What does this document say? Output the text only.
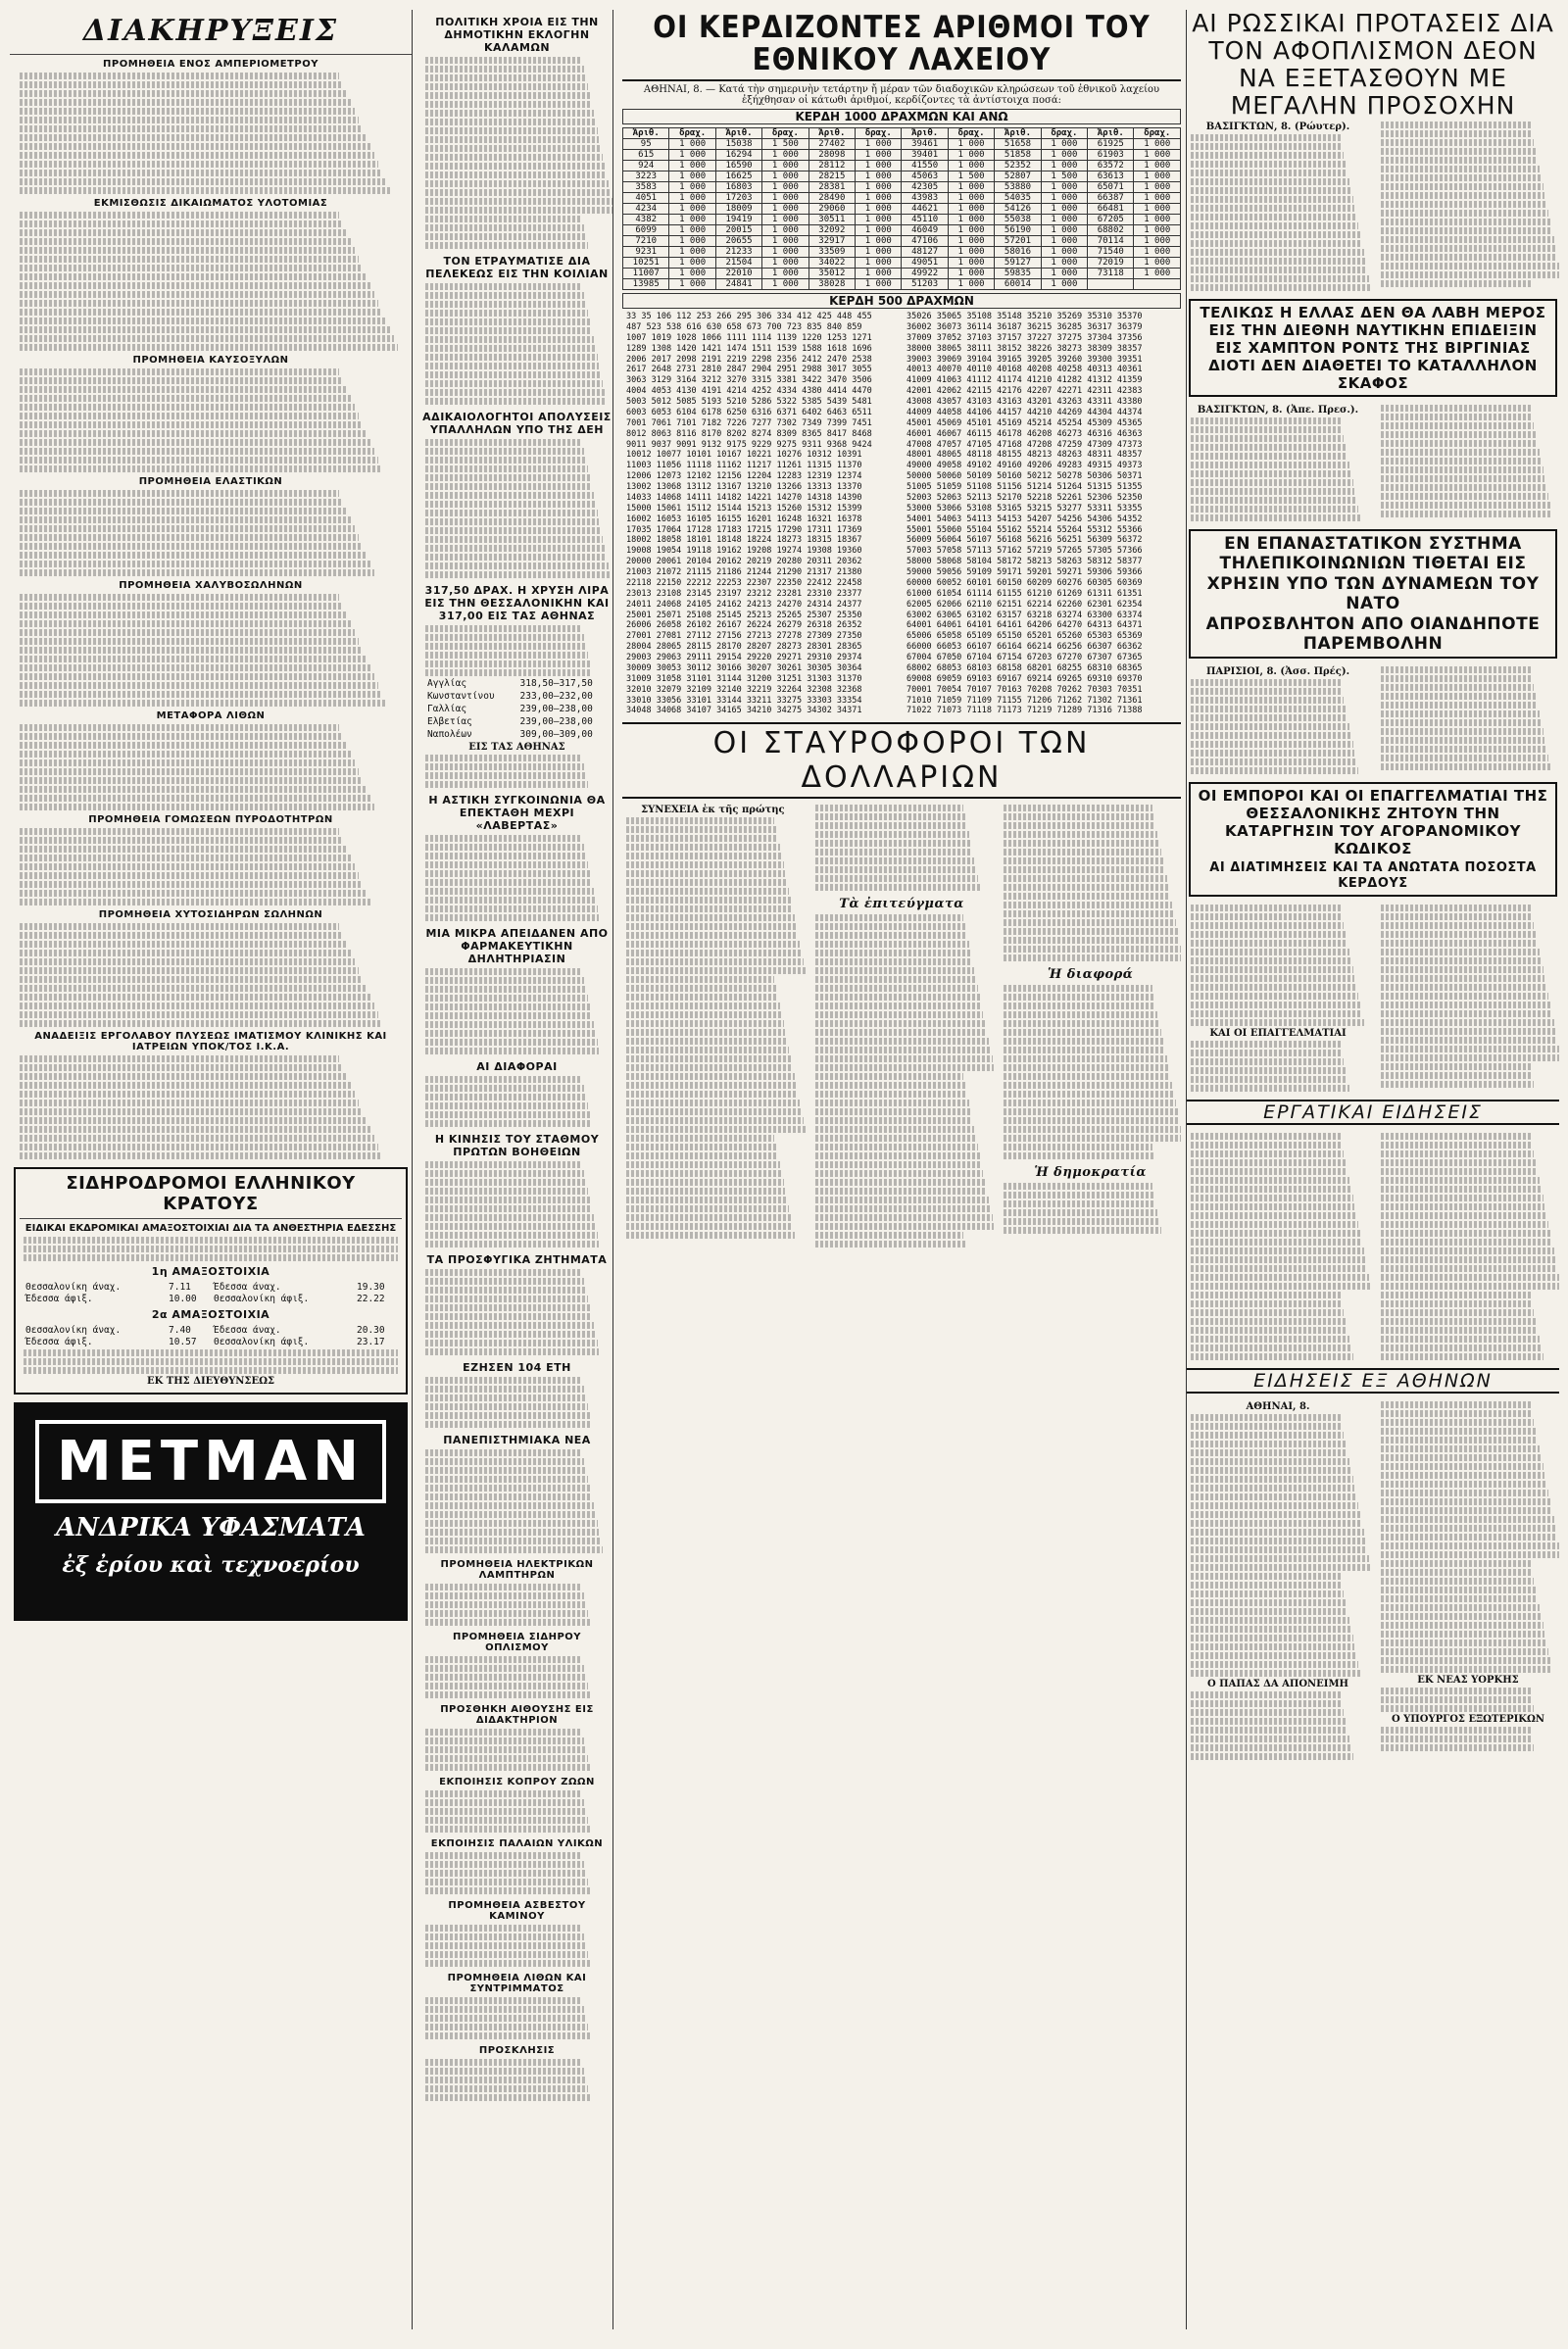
ΔΙΑΚΗΡΥΞΕΙΣ
ΠΡΟΜΗΘΕΙΑ ΕΝΟΣ ΑΜΠΕΡΙΟΜΕΤΡΟΥ
ΕΚΜΙΣΘΩΣΙΣ ΔΙΚΑΙΩΜΑΤΟΣ ΥΛΟΤΟΜΙΑΣ
ΠΡΟΜΗΘΕΙΑ ΚΑΥΣΟΞΥΛΩΝ
ΠΡΟΜΗΘΕΙΑ ΕΛΑΣΤΙΚΩΝ
ΠΡΟΜΗΘΕΙΑ ΧΑΛΥΒΟΣΩΛΗΝΩΝ
ΜΕΤΑΦΟΡΑ ΛΙΘΩΝ
ΠΡΟΜΗΘΕΙΑ ΓΟΜΩΣΕΩΝ ΠΥΡΟΔΟΤΗΤΡΩΝ
ΠΡΟΜΗΘΕΙΑ ΧΥΤΟΣΙΔΗΡΩΝ ΣΩΛΗΝΩΝ
ΑΝΑΔΕΙΞΙΣ ΕΡΓΟΛΑΒΟΥ ΠΛΥΣΕΩΣ ΙΜΑΤΙΣΜΟΥ ΚΛΙΝΙΚΗΣ ΚΑΙ ΙΑΤΡΕΙΩΝ ΥΠΟΚ/ΤΟΣ Ι.Κ.Α.
ΣΙΔΗΡΟΔΡΟΜΟΙ ΕΛΛΗΝΙΚΟΥ ΚΡΑΤΟΥΣ
ΕΙΔΙΚΑΙ ΕΚΔΡΟΜΙΚΑΙ ΑΜΑΞΟΣΤΟΙΧΙΑΙ ΔΙΑ ΤΑ ΑΝΘΕΣΤΗΡΙΑ ΕΔΕΣΣΗΣ
1η ΑΜΑΞΟΣΤΟΙΧΙΑ
Θεσσαλονίκη άναχ.	7.11	Έδεσσα άναχ.	19.30
Έδεσσα άφιξ.	10.00	Θεσσαλονίκη άφιξ.	22.22
2α ΑΜΑΞΟΣΤΟΙΧΙΑ
Θεσσαλονίκη άναχ.	7.40	Έδεσσα άναχ.	20.30
Έδεσσα άφιξ.	10.57	Θεσσαλονίκη άφιξ.	23.17
ΕΚ ΤΗΣ ΔΙΕΥΘΥΝΣΕΩΣ
METMAN
ΑΝΔΡΙΚΑ ΥΦΑΣΜΑΤΑ
ἐξ ἐρίου καὶ τεχνοερίου
ΠΟΛΙΤΙΚΗ ΧΡΟΙΑ ΕΙΣ ΤΗΝ ΔΗΜΟΤΙΚΗΝ ΕΚΛΟΓΗΝ ΚΑΛΑΜΩΝ
ΤΟΝ ΕΤΡΑΥΜΑΤΙΣΕ ΔΙΑ ΠΕΛΕΚΕΩΣ ΕΙΣ ΤΗΝ ΚΟΙΛΙΑΝ
ΑΔΙΚΑΙΟΛΟΓΗΤΟΙ ΑΠΟΛΥΣΕΙΣ ΥΠΑΛΛΗΛΩΝ ΥΠΟ ΤΗΣ ΔΕΗ
317,50 ΔΡΑΧ. Η ΧΡΥΣΗ ΛΙΡΑ ΕΙΣ ΤΗΝ ΘΕΣΣΑΛΟΝΙΚΗΝ ΚΑΙ 317,00 ΕΙΣ ΤΑΣ ΑΘΗΝΑΣ
Αγγλίας	318,50—317,50
Κωνσταντίνου	233,00—232,00
Γαλλίας	239,00—238,00
Ελβετίας	239,00—238,00
Ναπολέων	309,00—309,00
ΕΙΣ ΤΑΣ ΑΘΗΝΑΣ
Η ΑΣΤΙΚΗ ΣΥΓΚΟΙΝΩΝΙΑ ΘΑ ΕΠΕΚΤΑΘΗ ΜΕΧΡΙ «ΛΑΒΕΡΤΑΣ»
ΜΙΑ ΜΙΚΡΑ ΑΠΕΙΔΑΝΕΝ ΑΠΟ ΦΑΡΜΑΚΕΥΤΙΚΗΝ ΔΗΛΗΤΗΡΙΑΣΙΝ
ΑΙ ΔΙΑΦΟΡΑΙ
Η ΚΙΝΗΣΙΣ ΤΟΥ ΣΤΑΘΜΟΥ ΠΡΩΤΩΝ ΒΟΗΘΕΙΩΝ
ΤΑ ΠΡΟΣΦΥΓΙΚΑ ΖΗΤΗΜΑΤΑ
ΕΖΗΣΕΝ 104 ΕΤΗ
ΠΑΝΕΠΙΣΤΗΜΙΑΚΑ ΝΕΑ
ΠΡΟΜΗΘΕΙΑ ΗΛΕΚΤΡΙΚΩΝ ΛΑΜΠΤΗΡΩΝ
ΠΡΟΜΗΘΕΙΑ ΣΙΔΗΡΟΥ ΟΠΛΙΣΜΟΥ
ΠΡΟΣΘΗΚΗ ΑΙΘΟΥΣΗΣ ΕΙΣ ΔΙΔΑΚΤΗΡΙΟΝ
ΕΚΠΟΙΗΣΙΣ ΚΟΠΡΟΥ ΖΩΩΝ
ΕΚΠΟΙΗΣΙΣ ΠΑΛΑΙΩΝ ΥΛΙΚΩΝ
ΠΡΟΜΗΘΕΙΑ ΑΣΒΕΣΤΟΥ ΚΑΜΙΝΟΥ
ΠΡΟΜΗΘΕΙΑ ΛΙΘΩΝ ΚΑΙ ΣΥΝΤΡΙΜΜΑΤΟΣ
ΠΡΟΣΚΛΗΣΙΣ
ΟΙ ΚΕΡΔΙΖΟΝΤΕΣ ΑΡΙΘΜΟΙ ΤΟΥ ΕΘΝΙΚΟΥ ΛΑΧΕΙΟΥ
ΑΘΗΝΑΙ, 8. — Κατά τὴν σημερινὴν τετάρτην ἤ μέραν τῶν διαδοχικῶν κληρώσεων τοῦ ἐθνικοῦ λαχείου ἐξήχθησαν οἱ κάτωθι ἀριθμοί, κερδίζοντες τὰ ἀντίστοιχα ποσά:
ΚΕΡΔΗ 1000 ΔΡΑΧΜΩΝ ΚΑΙ ΑΝΩ
Ἀριθ.	δραχ.	Ἀριθ.	δραχ.	Ἀριθ.	δραχ.	Ἀριθ.	δραχ.	Ἀριθ.	δραχ.	Ἀριθ.	δραχ.
95	1 000	15038	1 500	27402	1 000	39461	1 000	51658	1 000	61925	1 000
615	1 000	16294	1 000	28098	1 000	39401	1 000	51858	1 000	61903	1 000
924	1 000	16590	1 000	28112	1 000	41550	1 000	52352	1 000	63572	1 000
3223	1 000	16625	1 000	28215	1 000	45063	1 500	52807	1 500	63613	1 000
3583	1 000	16803	1 000	28381	1 000	42305	1 000	53880	1 000	65071	1 000
4051	1 000	17203	1 000	28490	1 000	43983	1 000	54035	1 000	66387	1 000
4234	1 000	18009	1 000	29060	1 000	44621	1 000	54126	1 000	66481	1 000
4382	1 000	19419	1 000	30511	1 000	45110	1 000	55038	1 000	67205	1 000
6099	1 000	20015	1 000	32092	1 000	46049	1 000	56190	1 000	68802	1 000
7210	1 000	20655	1 000	32917	1 000	47106	1 000	57201	1 000	70114	1 000
9231	1 000	21233	1 000	33509	1 000	48127	1 000	58016	1 000	71540	1 000
10251	1 000	21504	1 000	34022	1 000	49051	1 000	59127	1 000	72019	1 000
11007	1 000	22010	1 000	35012	1 000	49922	1 000	59835	1 000	73118	1 000
13985	1 000	24841	1 000	38028	1 000	51203	1 000	60014	1 000		
ΚΕΡΔΗ 500 ΔΡΑΧΜΩΝ
33 35 106 112 253 266 295 306 334 412 425 448 455
487 523 538 616 630 658 673 700 723 835 840 859
1007 1019 1028 1066 1111 1114 1139 1220 1253 1271
1289 1308 1420 1421 1474 1511 1539 1588 1618 1696
2006 2017 2098 2191 2219 2298 2356 2412 2470 2538
2617 2648 2731 2810 2847 2904 2951 2988 3017 3055
3063 3129 3164 3212 3270 3315 3381 3422 3470 3506
4004 4053 4130 4191 4214 4252 4334 4380 4414 4470
5003 5012 5085 5193 5210 5286 5322 5385 5439 5481
6003 6053 6104 6178 6250 6316 6371 6402 6463 6511
7001 7061 7101 7182 7226 7277 7302 7349 7399 7451
8012 8063 8116 8170 8202 8274 8309 8365 8417 8468
9011 9037 9091 9132 9175 9229 9275 9311 9368 9424
10012 10077 10101 10167 10221 10276 10312 10391
11003 11056 11118 11162 11217 11261 11315 11370
12006 12073 12102 12156 12204 12283 12319 12374
13002 13068 13112 13167 13210 13266 13313 13370
14033 14068 14111 14182 14221 14270 14318 14390
15000 15061 15112 15144 15213 15260 15312 15399
16002 16053 16105 16155 16201 16248 16321 16378
17035 17064 17128 17183 17215 17290 17311 17369
18002 18058 18101 18148 18224 18273 18315 18367
19008 19054 19118 19162 19208 19274 19308 19360
20000 20061 20104 20162 20219 20280 20311 20362
21003 21072 21115 21186 21244 21290 21317 21380
22118 22150 22212 22253 22307 22350 22412 22458
23013 23108 23145 23197 23212 23281 23310 23377
24011 24068 24105 24162 24213 24270 24314 24377
25001 25071 25108 25145 25213 25265 25307 25350
26006 26058 26102 26167 26224 26279 26318 26352
27001 27081 27112 27156 27213 27278 27309 27350
28004 28065 28115 28170 28207 28273 28301 28365
29003 29063 29111 29154 29220 29271 29310 29374
30009 30053 30112 30166 30207 30261 30305 30364
31009 31058 31101 31144 31200 31251 31303 31370
32010 32079 32109 32140 32219 32264 32308 32368
33010 33056 33101 33144 33211 33275 33303 33354
34048 34068 34107 34165 34210 34275 34302 34371
35026 35065 35108 35148 35210 35269 35310 35370
36002 36073 36114 36187 36215 36285 36317 36379
37009 37052 37103 37157 37227 37275 37304 37356
38000 38065 38111 38152 38226 38273 38309 38357
39003 39069 39104 39165 39205 39260 39300 39351
40013 40070 40110 40168 40208 40258 40313 40361
41009 41063 41112 41174 41210 41282 41312 41359
42001 42062 42115 42176 42207 42271 42311 42383
43008 43057 43103 43163 43201 43263 43311 43380
44009 44058 44106 44157 44210 44269 44304 44374
45001 45069 45101 45169 45214 45254 45309 45365
46001 46067 46115 46178 46208 46273 46316 46363
47008 47057 47105 47168 47208 47259 47309 47373
48001 48065 48118 48155 48213 48263 48311 48357
49000 49058 49102 49160 49206 49283 49315 49373
50000 50060 50109 50160 50212 50278 50306 50371
51005 51059 51108 51156 51214 51264 51315 51355
52003 52063 52113 52170 52218 52261 52306 52350
53000 53066 53108 53165 53215 53277 53311 53355
54001 54063 54113 54153 54207 54256 54306 54352
55001 55060 55104 55162 55214 55264 55312 55366
56009 56064 56107 56168 56216 56251 56309 56372
57003 57058 57113 57162 57219 57265 57305 57366
58000 58068 58104 58172 58213 58263 58312 58377
59000 59056 59109 59171 59201 59271 59306 59366
60000 60052 60101 60150 60209 60276 60305 60369
61000 61054 61114 61155 61210 61269 61311 61351
62005 62066 62110 62151 62214 62260 62301 62354
63002 63065 63102 63157 63218 63274 63300 63374
64001 64061 64101 64161 64206 64270 64313 64371
65006 65058 65109 65150 65201 65260 65303 65369
66000 66053 66107 66164 66214 66256 66307 66362
67004 67050 67104 67154 67203 67270 67307 67365
68002 68053 68103 68158 68201 68255 68310 68365
69008 69059 69103 69167 69214 69265 69310 69370
70001 70054 70107 70163 70208 70262 70303 70351
71010 71059 71109 71155 71206 71262 71302 71361
71022 71073 71118 71173 71219 71289 71316 71388
ΟΙ ΣΤΑΥΡΟΦΟΡΟΙ ΤΩΝ ΔΟΛΛΑΡΙΩΝ
ΣΥΝΕΧΕΙΑ ἐκ τῆς πρώτης
Τὰ ἐπιτεύγματα
Ἡ διαφορά
Ἡ δημοκρατία
ΑΙ ΡΩΣΣΙΚΑΙ ΠΡΟΤΑΣΕΙΣ ΔΙΑ ΤΟΝ ΑΦΟΠΛΙΣΜΟΝ ΔΕΟΝ ΝΑ ΕΞΕΤΑΣΘΟΥΝ ΜΕ ΜΕΓΑΛΗΝ ΠΡΟΣΟΧΗΝ
ΒΑΣΙΓΚΤΩΝ, 8. (Ρώυτερ).
ΤΕΛΙΚΩΣ Η ΕΛΛΑΣ ΔΕΝ ΘΑ ΛΑΒΗ ΜΕΡΟΣ ΕΙΣ ΤΗΝ ΔΙΕΘΝΗ ΝΑΥΤΙΚΗΝ ΕΠΙΔΕΙΞΙΝ ΕΙΣ ΧΑΜΠΤΟΝ ΡΟΝΤΣ ΤΗΣ ΒΙΡΓΙΝΙΑΣ ΔΙΟΤΙ ΔΕΝ ΔΙΑΘΕΤΕΙ ΤΟ ΚΑΤΑΛΛΗΛΟΝ ΣΚΑΦΟΣ
ΒΑΣΙΓΚΤΩΝ, 8. (Ἀπε. Πρεσ.).
ΕΝ ΕΠΑΝΑΣΤΑΤΙΚΟΝ ΣΥΣΤΗΜΑ ΤΗΛΕΠΙΚΟΙΝΩΝΙΩΝ ΤΙΘΕΤΑΙ ΕΙΣ ΧΡΗΣΙΝ ΥΠΟ ΤΩΝ ΔΥΝΑΜΕΩΝ ΤΟΥ ΝΑΤΟ
ΑΠΡΟΣΒΛΗΤΟΝ ΑΠΟ ΟΙΑΝΔΗΠΟΤΕ ΠΑΡΕΜΒΟΛΗΝ
ΠΑΡΙΣΙΟΙ, 8. (Ἀσσ. Πρές).
ΟΙ ΕΜΠΟΡΟΙ ΚΑΙ ΟΙ ΕΠΑΓΓΕΛΜΑΤΙΑΙ ΤΗΣ ΘΕΣΣΑΛΟΝΙΚΗΣ ΖΗΤΟΥΝ ΤΗΝ ΚΑΤΑΡΓΗΣΙΝ ΤΟΥ ΑΓΟΡΑΝΟΜΙΚΟΥ ΚΩΔΙΚΟΣ
ΑΙ ΔΙΑΤΙΜΗΣΕΙΣ ΚΑΙ ΤΑ ΑΝΩΤΑΤΑ ΠΟΣΟΣΤΑ ΚΕΡΔΟΥΣ
ΚΑΙ ΟΙ ΕΠΑΓΓΕΛΜΑΤΙΑΙ
ΕΡΓΑΤΙΚΑΙ ΕΙΔΗΣΕΙΣ
ΕΙΔΗΣΕΙΣ ΕΞ ΑΘΗΝΩΝ
ΑΘΗΝΑΙ, 8.
Ο ΠΑΠΑΣ ΔΑ ΑΠΟΝΕΙΜΗ	ΕΚ ΝΕΑΣ ΥΟΡΚΗΣ
Ο ΥΠΟΥΡΓΟΣ ΕΞΩΤΕΡΙΚΩΝ
